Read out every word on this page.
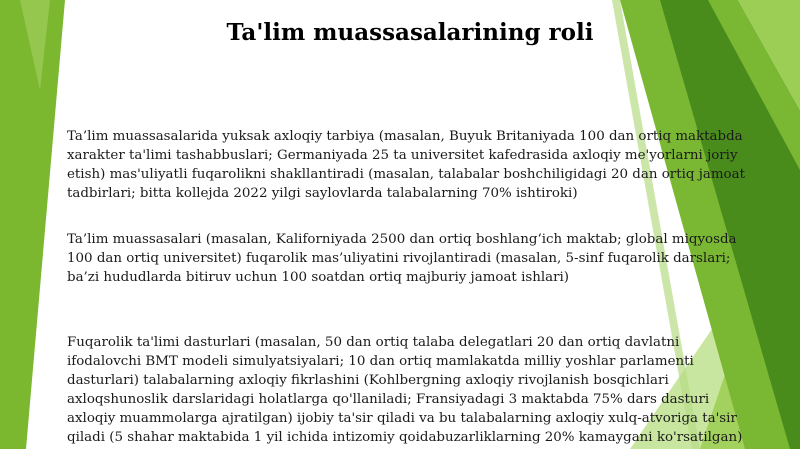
Ta'lim muassasalarining roli

Ta’lim muassasalarida yuksak axloqiy tarbiya (masalan, Buyuk Britaniyada 100 dan ortiq maktabda xarakter ta'limi tashabbuslari; Germaniyada 25 ta universitet kafedrasida axloqiy me'yorlarni joriy etish) mas'uliyatli fuqarolikni shakllantiradi (masalan, talabalar boshchiligidagi 20 dan ortiq jamoat tadbirlari; bitta kollejda 2022 yilgi saylovlarda talabalarning 70% ishtiroki)

Ta’lim muassasalari (masalan, Kaliforniyada 2500 dan ortiq boshlang‘ich maktab; global miqyosda 100 dan ortiq universitet) fuqarolik mas’uliyatini rivojlantiradi (masalan, 5-sinf fuqarolik darslari; ba’zi hududlarda bitiruv uchun 100 soatdan ortiq majburiy jamoat ishlari)

Fuqarolik ta'limi dasturlari (masalan, 50 dan ortiq talaba delegatlari 20 dan ortiq davlatni ifodalovchi BMT modeli simulyatsiyalari; 10 dan ortiq mamlakatda milliy yoshlar parlamenti dasturlari) talabalarning axloqiy fikrlashini (Kohlbergning axloqiy rivojlanish bosqichlari axloqshunoslik darslaridagi holatlarga qo'llaniladi; Fransiyadagi 3 maktabda 75% dars dasturi axloqiy muammolarga ajratilgan) ijobiy ta'sir qiladi va bu talabalarning axloqiy xulq-atvoriga ta'sir qiladi (5 shahar maktabida 1 yil ichida intizomiy qoidabuzarliklarning 20% kamaygani ko'rsatilgan)
